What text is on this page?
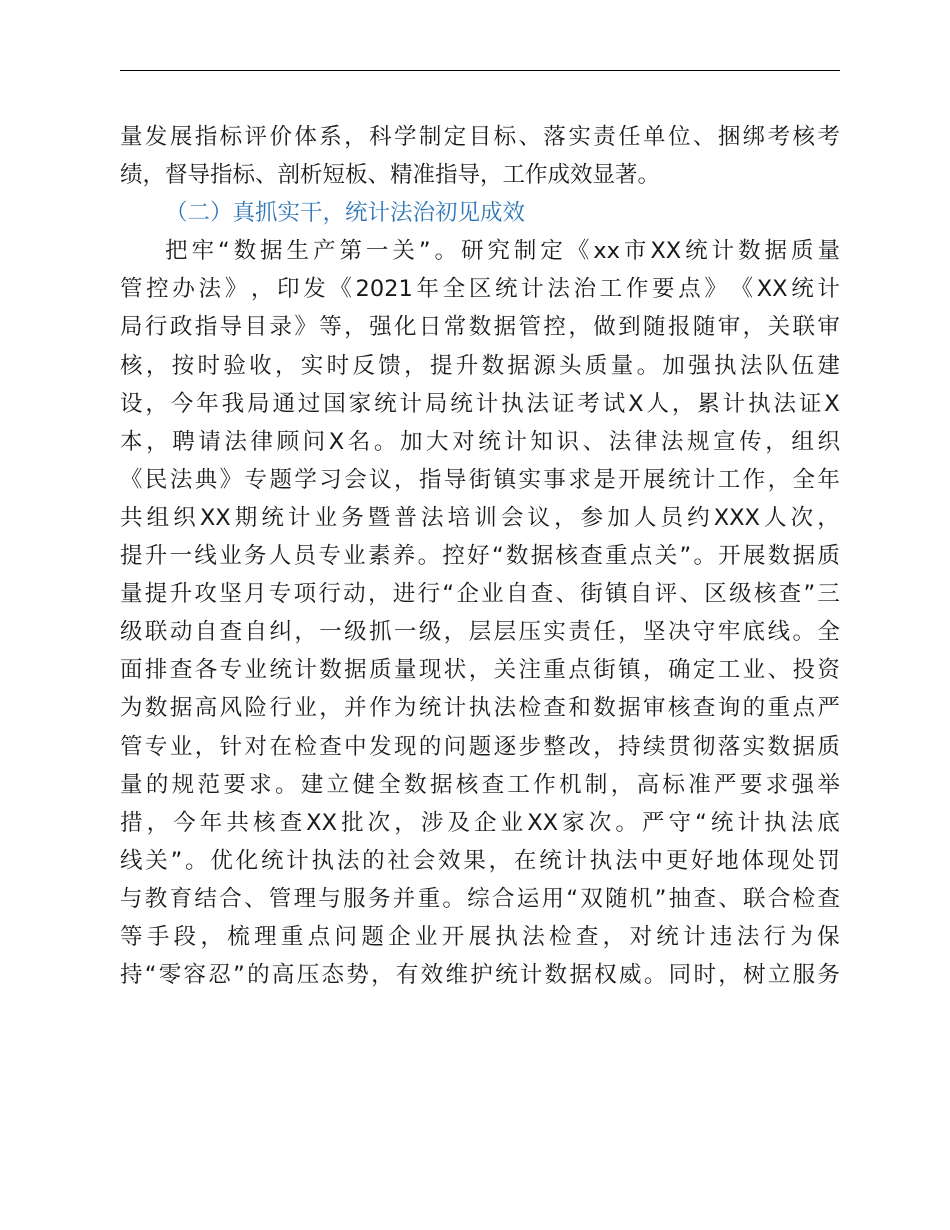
量 发 展 指 标 评 价 体 系 ， 科 学 制 定 目 标 、 落 实 责 任 单 位 、 捆 绑 考 核 考
绩，督导指标、剖析短板、精准指导，工作成效显著。
（二）真抓实干，统计法治初见成效
把 牢 “ 数 据 生 产 第 一 关 ” 。 研 究 制 定 《 xx 市 XX 统 计 数 据 质 量
管 控 办 法 》 ， 印 发 《 2021 年 全 区 统 计 法 治 工 作 要 点 》 《 XX 统 计
局 行 政 指 导 目 录 》 等 ， 强 化 日 常 数 据 管 控 ， 做 到 随 报 随 审 ， 关 联 审
核 ， 按 时 验 收 ， 实 时 反 馈 ， 提 升 数 据 源 头 质 量 。 加 强 执 法 队 伍 建
设 ， 今 年 我 局 通 过 国 家 统 计 局 统 计 执 法 证 考 试 X 人 ， 累 计 执 法 证 X
本 ， 聘 请 法 律 顾 问 X 名 。 加 大 对 统 计 知 识 、 法 律 法 规 宣 传 ， 组 织
《 民 法 典 》 专 题 学 习 会 议 ， 指 导 街 镇 实 事 求 是 开 展 统 计 工 作 ， 全 年
共 组 织 XX 期 统 计 业 务 暨 普 法 培 训 会 议 ， 参 加 人 员 约 XXX 人 次 ，
提 升 一 线 业 务 人 员 专 业 素 养 。 控 好 “ 数 据 核 查 重 点 关 ” 。 开 展 数 据 质
量 提 升 攻 坚 月 专 项 行 动 ， 进 行 “ 企 业 自 查 、 街 镇 自 评 、 区 级 核 查 ” 三
级 联 动 自 查 自 纠 ， 一 级 抓 一 级 ， 层 层 压 实 责 任 ， 坚 决 守 牢 底 线 。 全
面 排 查 各 专 业 统 计 数 据 质 量 现 状 ， 关 注 重 点 街 镇 ， 确 定 工 业 、 投 资
为 数 据 高 风 险 行 业 ， 并 作 为 统 计 执 法 检 查 和 数 据 审 核 查 询 的 重 点 严
管 专 业 ， 针 对 在 检 查 中 发 现 的 问 题 逐 步 整 改 ， 持 续 贯 彻 落 实 数 据 质
量 的 规 范 要 求 。 建 立 健 全 数 据 核 查 工 作 机 制 ， 高 标 准 严 要 求 强 举
措 ， 今 年 共 核 查 XX 批 次 ， 涉 及 企 业 XX 家 次 。 严 守 “ 统 计 执 法 底
线 关 ” 。 优 化 统 计 执 法 的 社 会 效 果 ， 在 统 计 执 法 中 更 好 地 体 现 处 罚
与 教 育 结 合 、 管 理 与 服 务 并 重 。 综 合 运 用 “ 双 随 机 ” 抽 查 、 联 合 检 查
等 手 段 ， 梳 理 重 点 问 题 企 业 开 展 执 法 检 查 ， 对 统 计 违 法 行 为 保
持 “ 零 容 忍 ” 的 高 压 态 势 ， 有 效 维 护 统 计 数 据 权 威 。 同 时 ， 树 立 服 务
